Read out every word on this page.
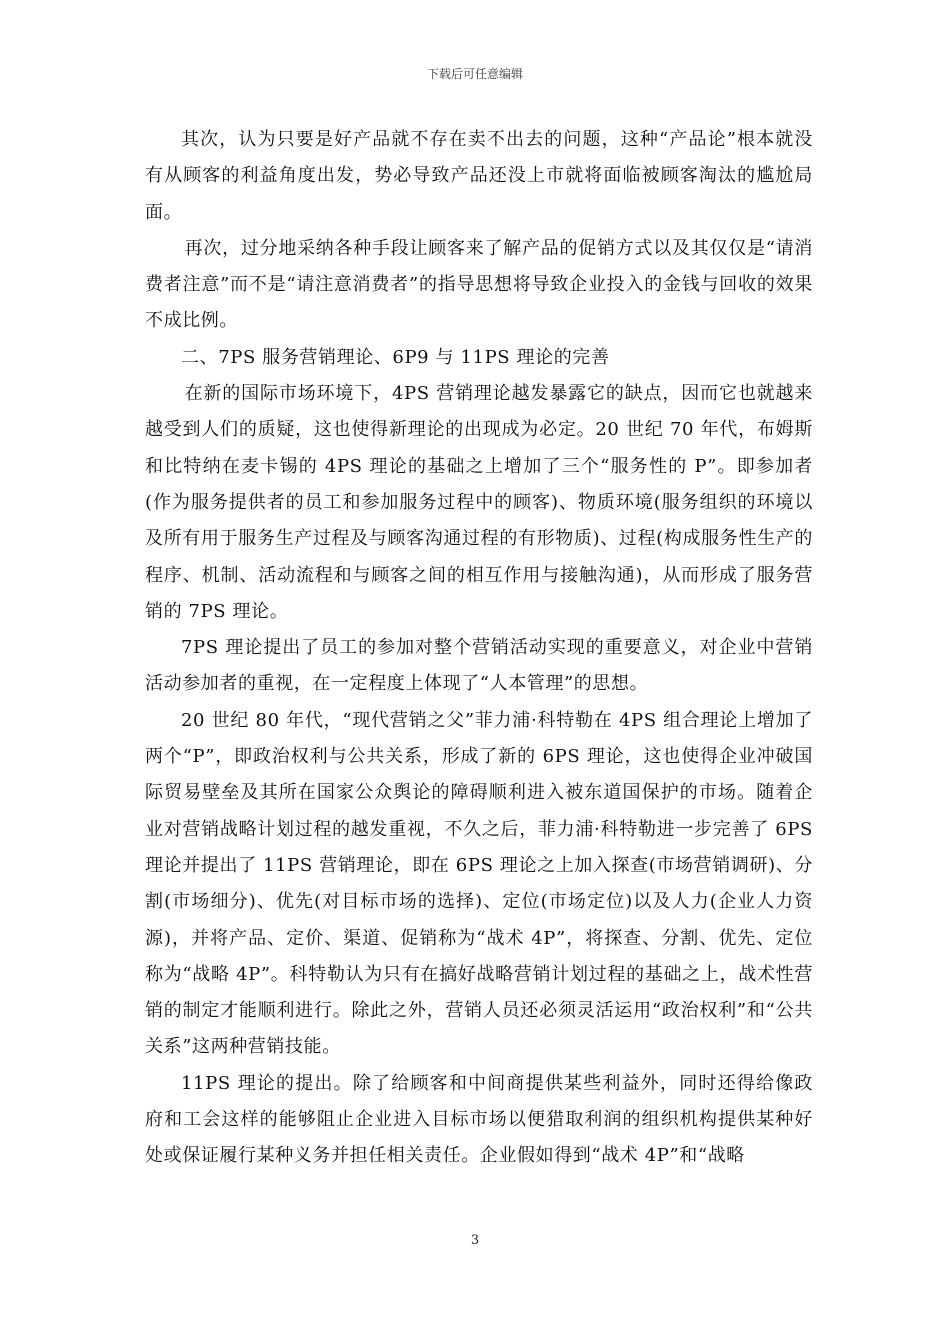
下载后可任意编辑

其次，认为只要是好产品就不存在卖不出去的问题，这种“产品论”根本就没有从顾客的利益角度出发，势必导致产品还没上市就将面临被顾客淘汰的尴尬局面。

再次，过分地采纳各种手段让顾客来了解产品的促销方式以及其仅仅是“请消费者注意”而不是“请注意消费者”的指导思想将导致企业投入的金钱与回收的效果不成比例。

二、7PS 服务营销理论、6P9 与 11PS 理论的完善

在新的国际市场环境下，4PS 营销理论越发暴露它的缺点，因而它也就越来越受到人们的质疑，这也使得新理论的出现成为必定。20 世纪 70 年代，布姆斯和比特纳在麦卡锡的 4PS 理论的基础之上增加了三个“服务性的 P”。即参加者(作为服务提供者的员工和参加服务过程中的顾客)、物质环境(服务组织的环境以及所有用于服务生产过程及与顾客沟通过程的有形物质)、过程(构成服务性生产的程序、机制、活动流程和与顾客之间的相互作用与接触沟通)，从而形成了服务营销的 7PS 理论。

7PS 理论提出了员工的参加对整个营销活动实现的重要意义，对企业中营销活动参加者的重视，在一定程度上体现了“人本管理”的思想。

20 世纪 80 年代，“现代营销之父”菲力浦·科特勒在 4PS 组合理论上增加了两个“P”，即政治权利与公共关系，形成了新的 6PS 理论，这也使得企业冲破国际贸易壁垒及其所在国家公众舆论的障碍顺利进入被东道国保护的市场。随着企业对营销战略计划过程的越发重视，不久之后，菲力浦·科特勒进一步完善了 6PS 理论并提出了 11PS 营销理论，即在 6PS 理论之上加入探查(市场营销调研)、分割(市场细分)、优先(对目标市场的选择)、定位(市场定位)以及人力(企业人力资源)，并将产品、定价、渠道、促销称为“战术 4P”，将探查、分割、优先、定位称为“战略 4P”。科特勒认为只有在搞好战略营销计划过程的基础之上，战术性营销的制定才能顺利进行。除此之外，营销人员还必须灵活运用“政治权利”和“公共关系”这两种营销技能。

11PS 理论的提出。除了给顾客和中间商提供某些利益外，同时还得给像政府和工会这样的能够阻止企业进入目标市场以便猎取利润的组织机构提供某种好处或保证履行某种义务并担任相关责任。企业假如得到“战术 4P”和“战略

3
